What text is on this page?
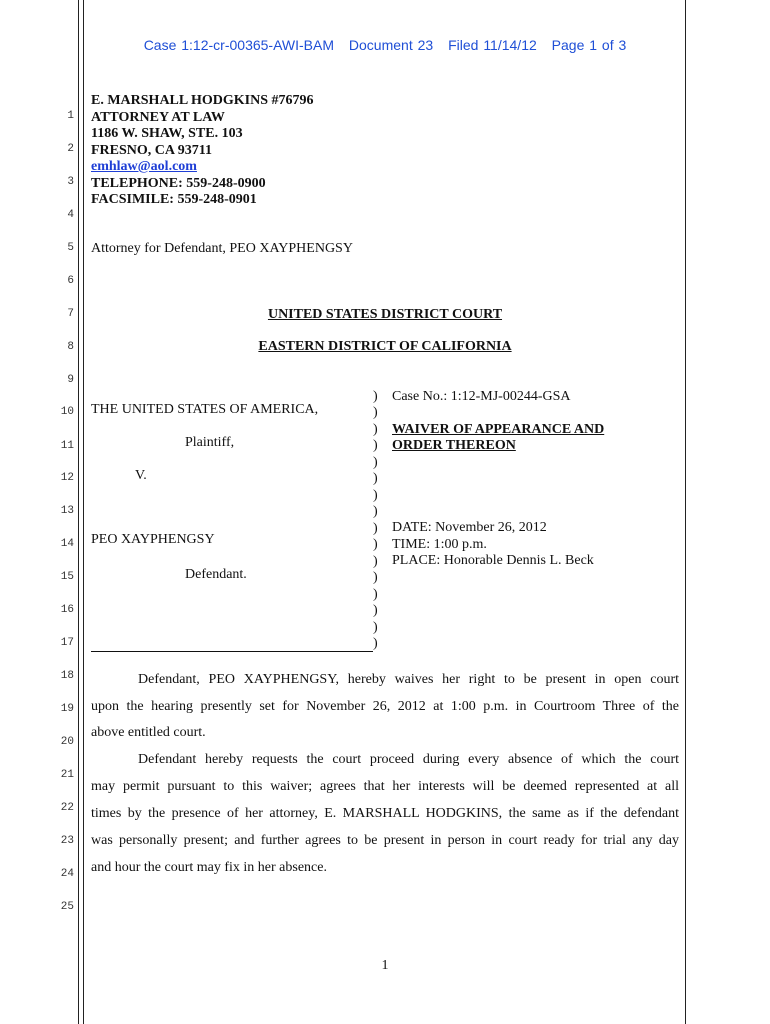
Case 1:12-cr-00365-AWI-BAM Document 23 Filed 11/14/12 Page 1 of 3
1
2
3
4
5
6
7
8
9
10
11
12
13
14
15
16
17
18
19
20
21
22
23
24
25
E. MARSHALL HODGKINS #76796
ATTORNEY AT LAW
1186 W. SHAW, STE. 103
FRESNO, CA 93711
emhlaw@aol.com
TELEPHONE: 559-248-0900
FACSIMILE: 559-248-0901
Attorney for Defendant, PEO XAYPHENGSY
UNITED STATES DISTRICT COURT
EASTERN DISTRICT OF CALIFORNIA
THE UNITED STATES OF AMERICA,
Plaintiff,
V.
PEO XAYPHENGSY
Defendant.
)
)
)
)
)
)
)
)
)
)
)
)
)
)
)
)
Case No.: 1:12-MJ-00244-GSA
WAIVER OF APPEARANCE AND
ORDER THEREON
DATE: November 26, 2012
TIME: 1:00 p.m.
PLACE: Honorable Dennis L. Beck
Defendant, PEO XAYPHENGSY, hereby waives her right to be present in open court
upon the hearing presently set for November 26, 2012 at 1:00 p.m. in Courtroom Three of the
above entitled court.
Defendant hereby requests the court proceed during every absence of which the court
may permit pursuant to this waiver; agrees that her interests will be deemed represented at all
times by the presence of her attorney, E. MARSHALL HODGKINS, the same as if the defendant
was personally present; and further agrees to be present in person in court ready for trial any day
and hour the court may fix in her absence.
1
